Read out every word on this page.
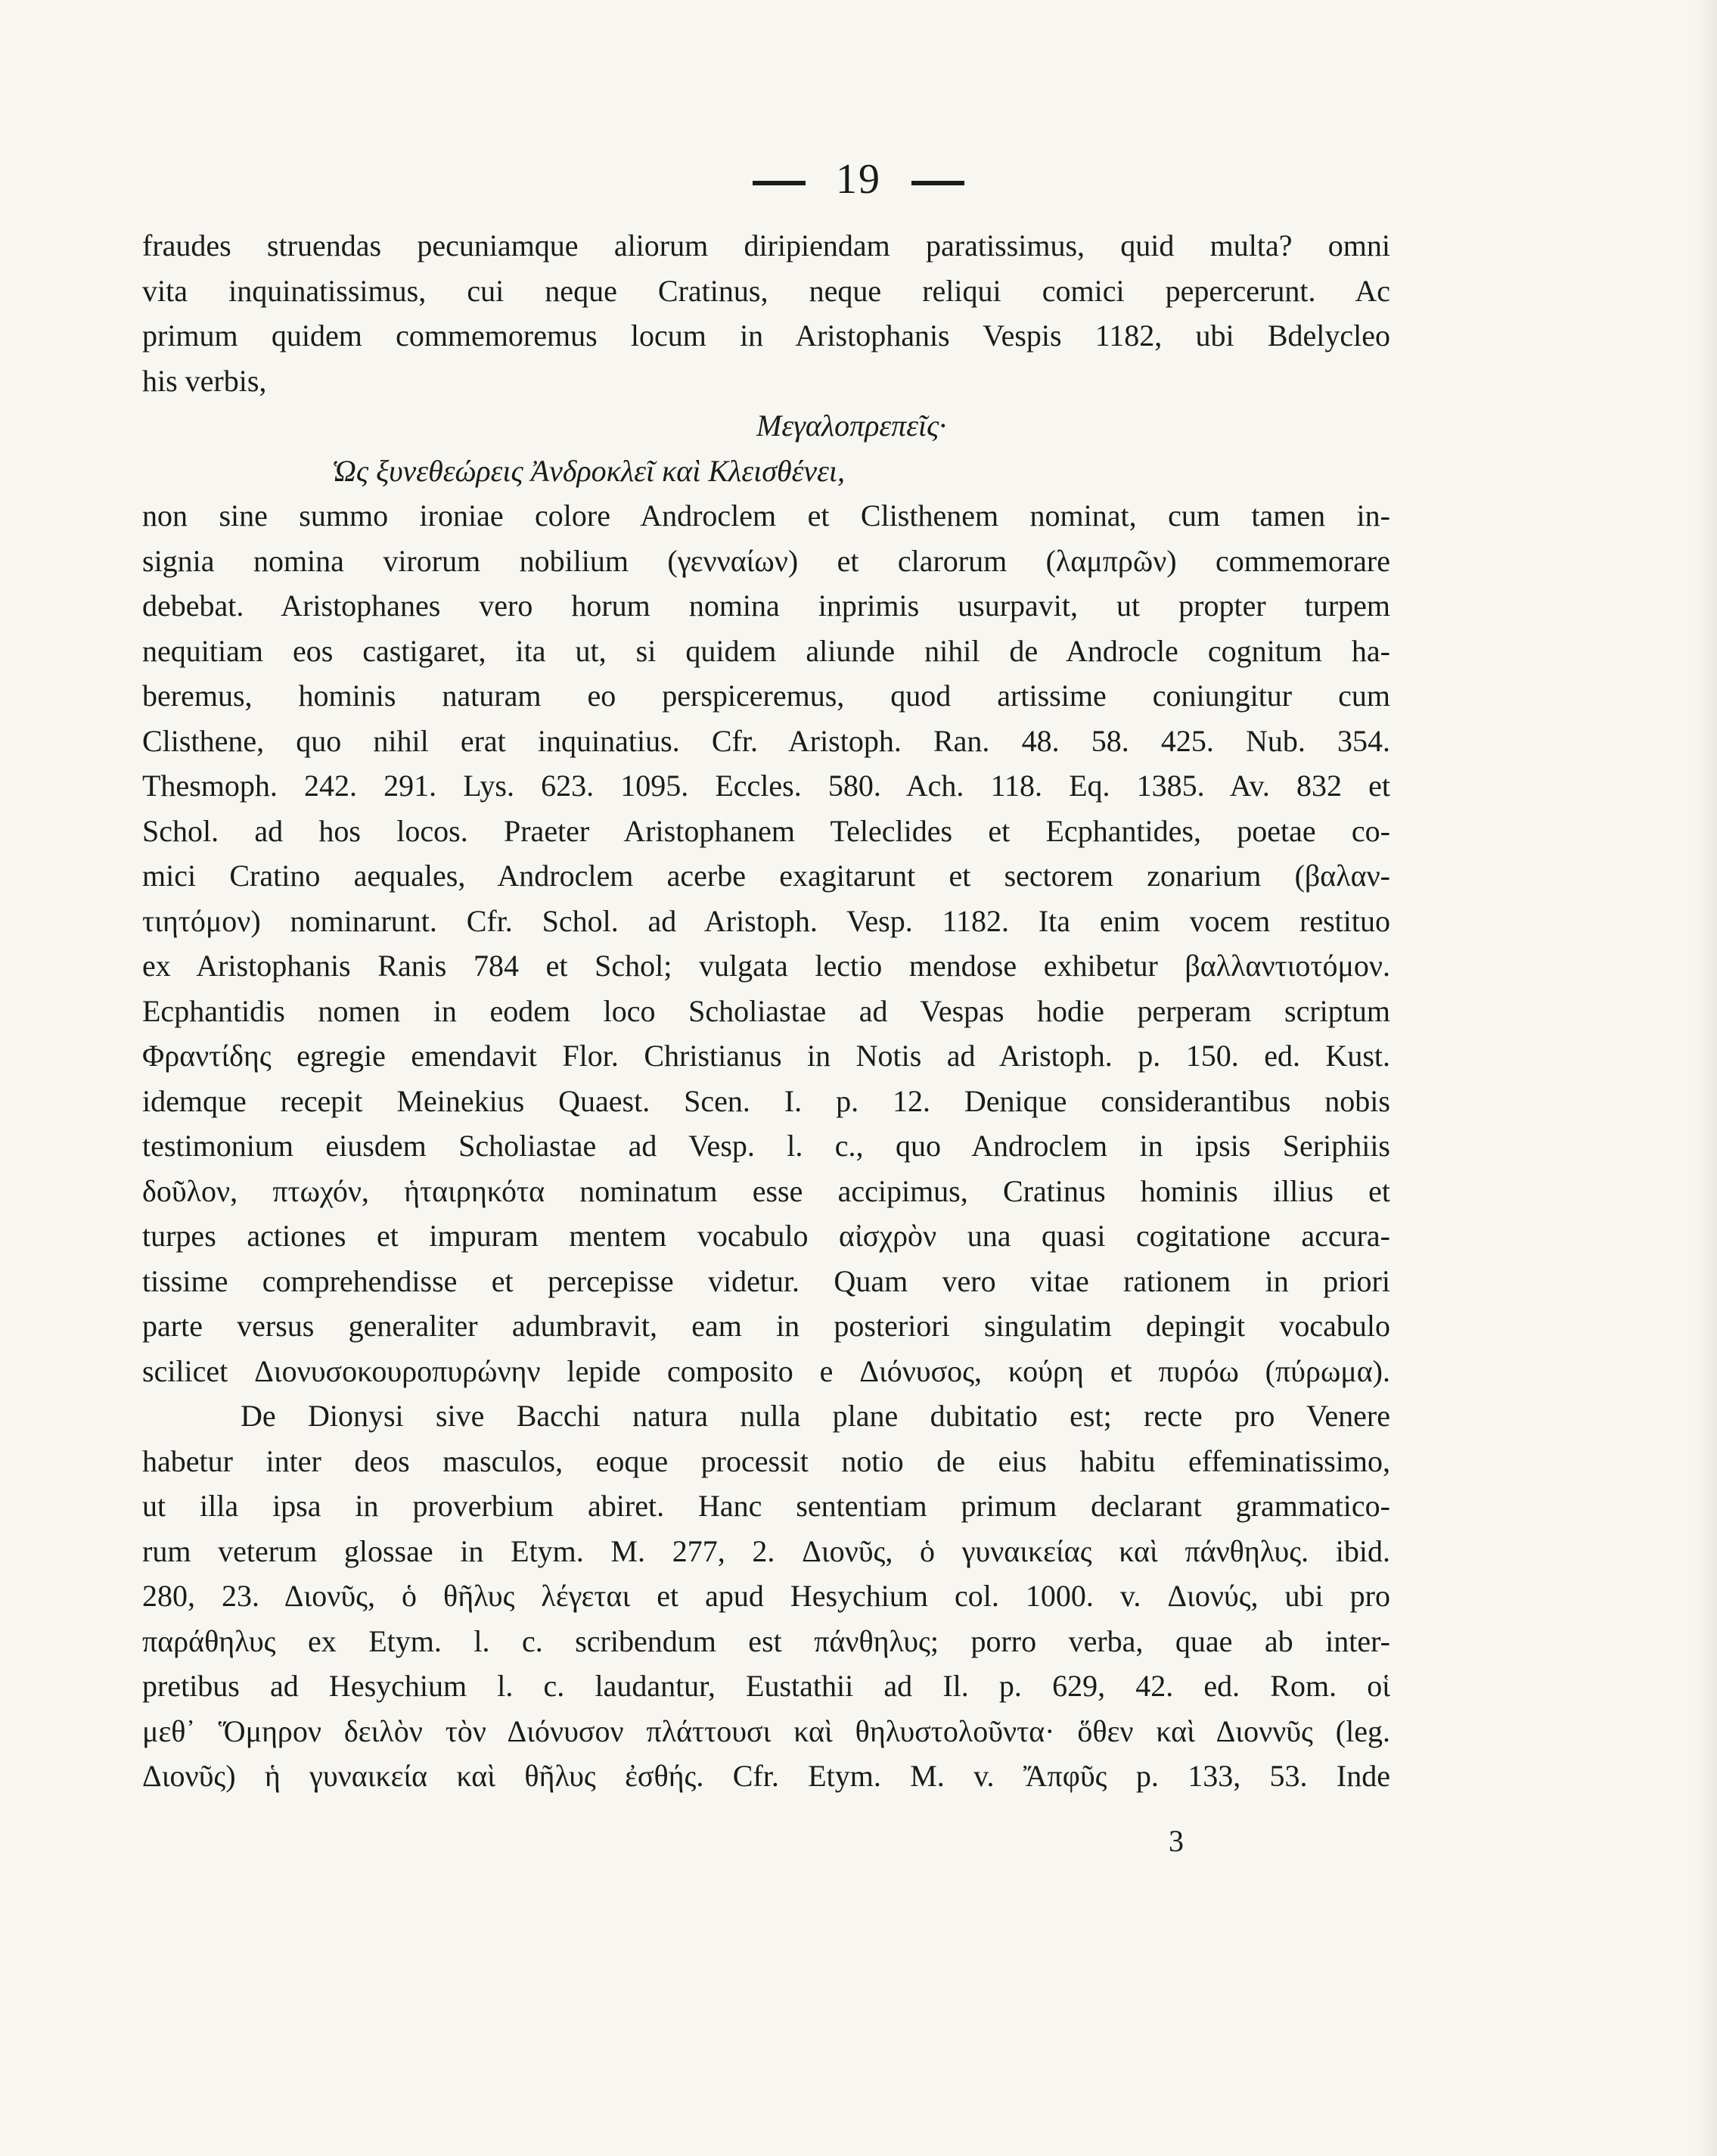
19
fraudes struendas pecuniamque aliorum diripiendam paratissimus, quid multa? omni
vita inquinatissimus, cui neque Cratinus, neque reliqui comici pepercerunt. Ac
primum quidem commemoremus locum in Aristophanis Vespis 1182, ubi Bdelycleo
his verbis,
Μεγαλοπρεπεῖς·
Ὡς ξυνεθεώρεις Ἀνδροκλεῖ καὶ Κλεισθένει,
non sine summo ironiae colore Androclem et Clisthenem nominat, cum tamen in-
signia nomina virorum nobilium (γενναίων) et clarorum (λαμπρῶν) commemorare
debebat. Aristophanes vero horum nomina inprimis usurpavit, ut propter turpem
nequitiam eos castigaret, ita ut, si quidem aliunde nihil de Androcle cognitum ha-
beremus, hominis naturam eo perspiceremus, quod artissime coniungitur cum
Clisthene, quo nihil erat inquinatius. Cfr. Aristoph. Ran. 48. 58. 425. Nub. 354.
Thesmoph. 242. 291. Lys. 623. 1095. Eccles. 580. Ach. 118. Eq. 1385. Av. 832 et
Schol. ad hos locos. Praeter Aristophanem Teleclides et Ecphantides, poetae co-
mici Cratino aequales, Androclem acerbe exagitarunt et sectorem zonarium (βαλαν-
τιητόμον) nominarunt. Cfr. Schol. ad Aristoph. Vesp. 1182. Ita enim vocem restituo
ex Aristophanis Ranis 784 et Schol; vulgata lectio mendose exhibetur βαλλαντιοτόμον.
Ecphantidis nomen in eodem loco Scholiastae ad Vespas hodie perperam scriptum
Φραντίδης egregie emendavit Flor. Christianus in Notis ad Aristoph. p. 150. ed. Kust.
idemque recepit Meinekius Quaest. Scen. I. p. 12. Denique considerantibus nobis
testimonium eiusdem Scholiastae ad Vesp. l. c., quo Androclem in ipsis Seriphiis
δοῦλον, πτωχόν, ἡταιρηκότα nominatum esse accipimus, Cratinus hominis illius et
turpes actiones et impuram mentem vocabulo αἰσχρὸν una quasi cogitatione accura-
tissime comprehendisse et percepisse videtur. Quam vero vitae rationem in priori
parte versus generaliter adumbravit, eam in posteriori singulatim depingit vocabulo
scilicet Διονυσοκουροπυρώνην lepide composito e Διόνυσος, κούρη et πυρόω (πύρωμα).
De Dionysi sive Bacchi natura nulla plane dubitatio est; recte pro Venere
habetur inter deos masculos, eoque processit notio de eius habitu effeminatissimo,
ut illa ipsa in proverbium abiret. Hanc sententiam primum declarant grammatico-
rum veterum glossae in Etym. M. 277, 2. Διονῦς, ὁ γυναικείας καὶ πάνθηλυς. ibid.
280, 23. Διονῦς, ὁ θῆλυς λέγεται et apud Hesychium col. 1000. v. Διονύς, ubi pro
παράθηλυς ex Etym. l. c. scribendum est πάνθηλυς; porro verba, quae ab inter-
pretibus ad Hesychium l. c. laudantur, Eustathii ad Il. p. 629, 42. ed. Rom. οἱ
μεθ᾽ Ὅμηρον δειλὸν τὸν Διόνυσον πλάττουσι καὶ θηλυστολοῦντα· ὅθεν καὶ Διοννῦς (leg.
Διονῦς) ἡ γυναικεία καὶ θῆλυς ἐσθής. Cfr. Etym. M. v. Ἄπφῦς p. 133, 53. Inde
3
